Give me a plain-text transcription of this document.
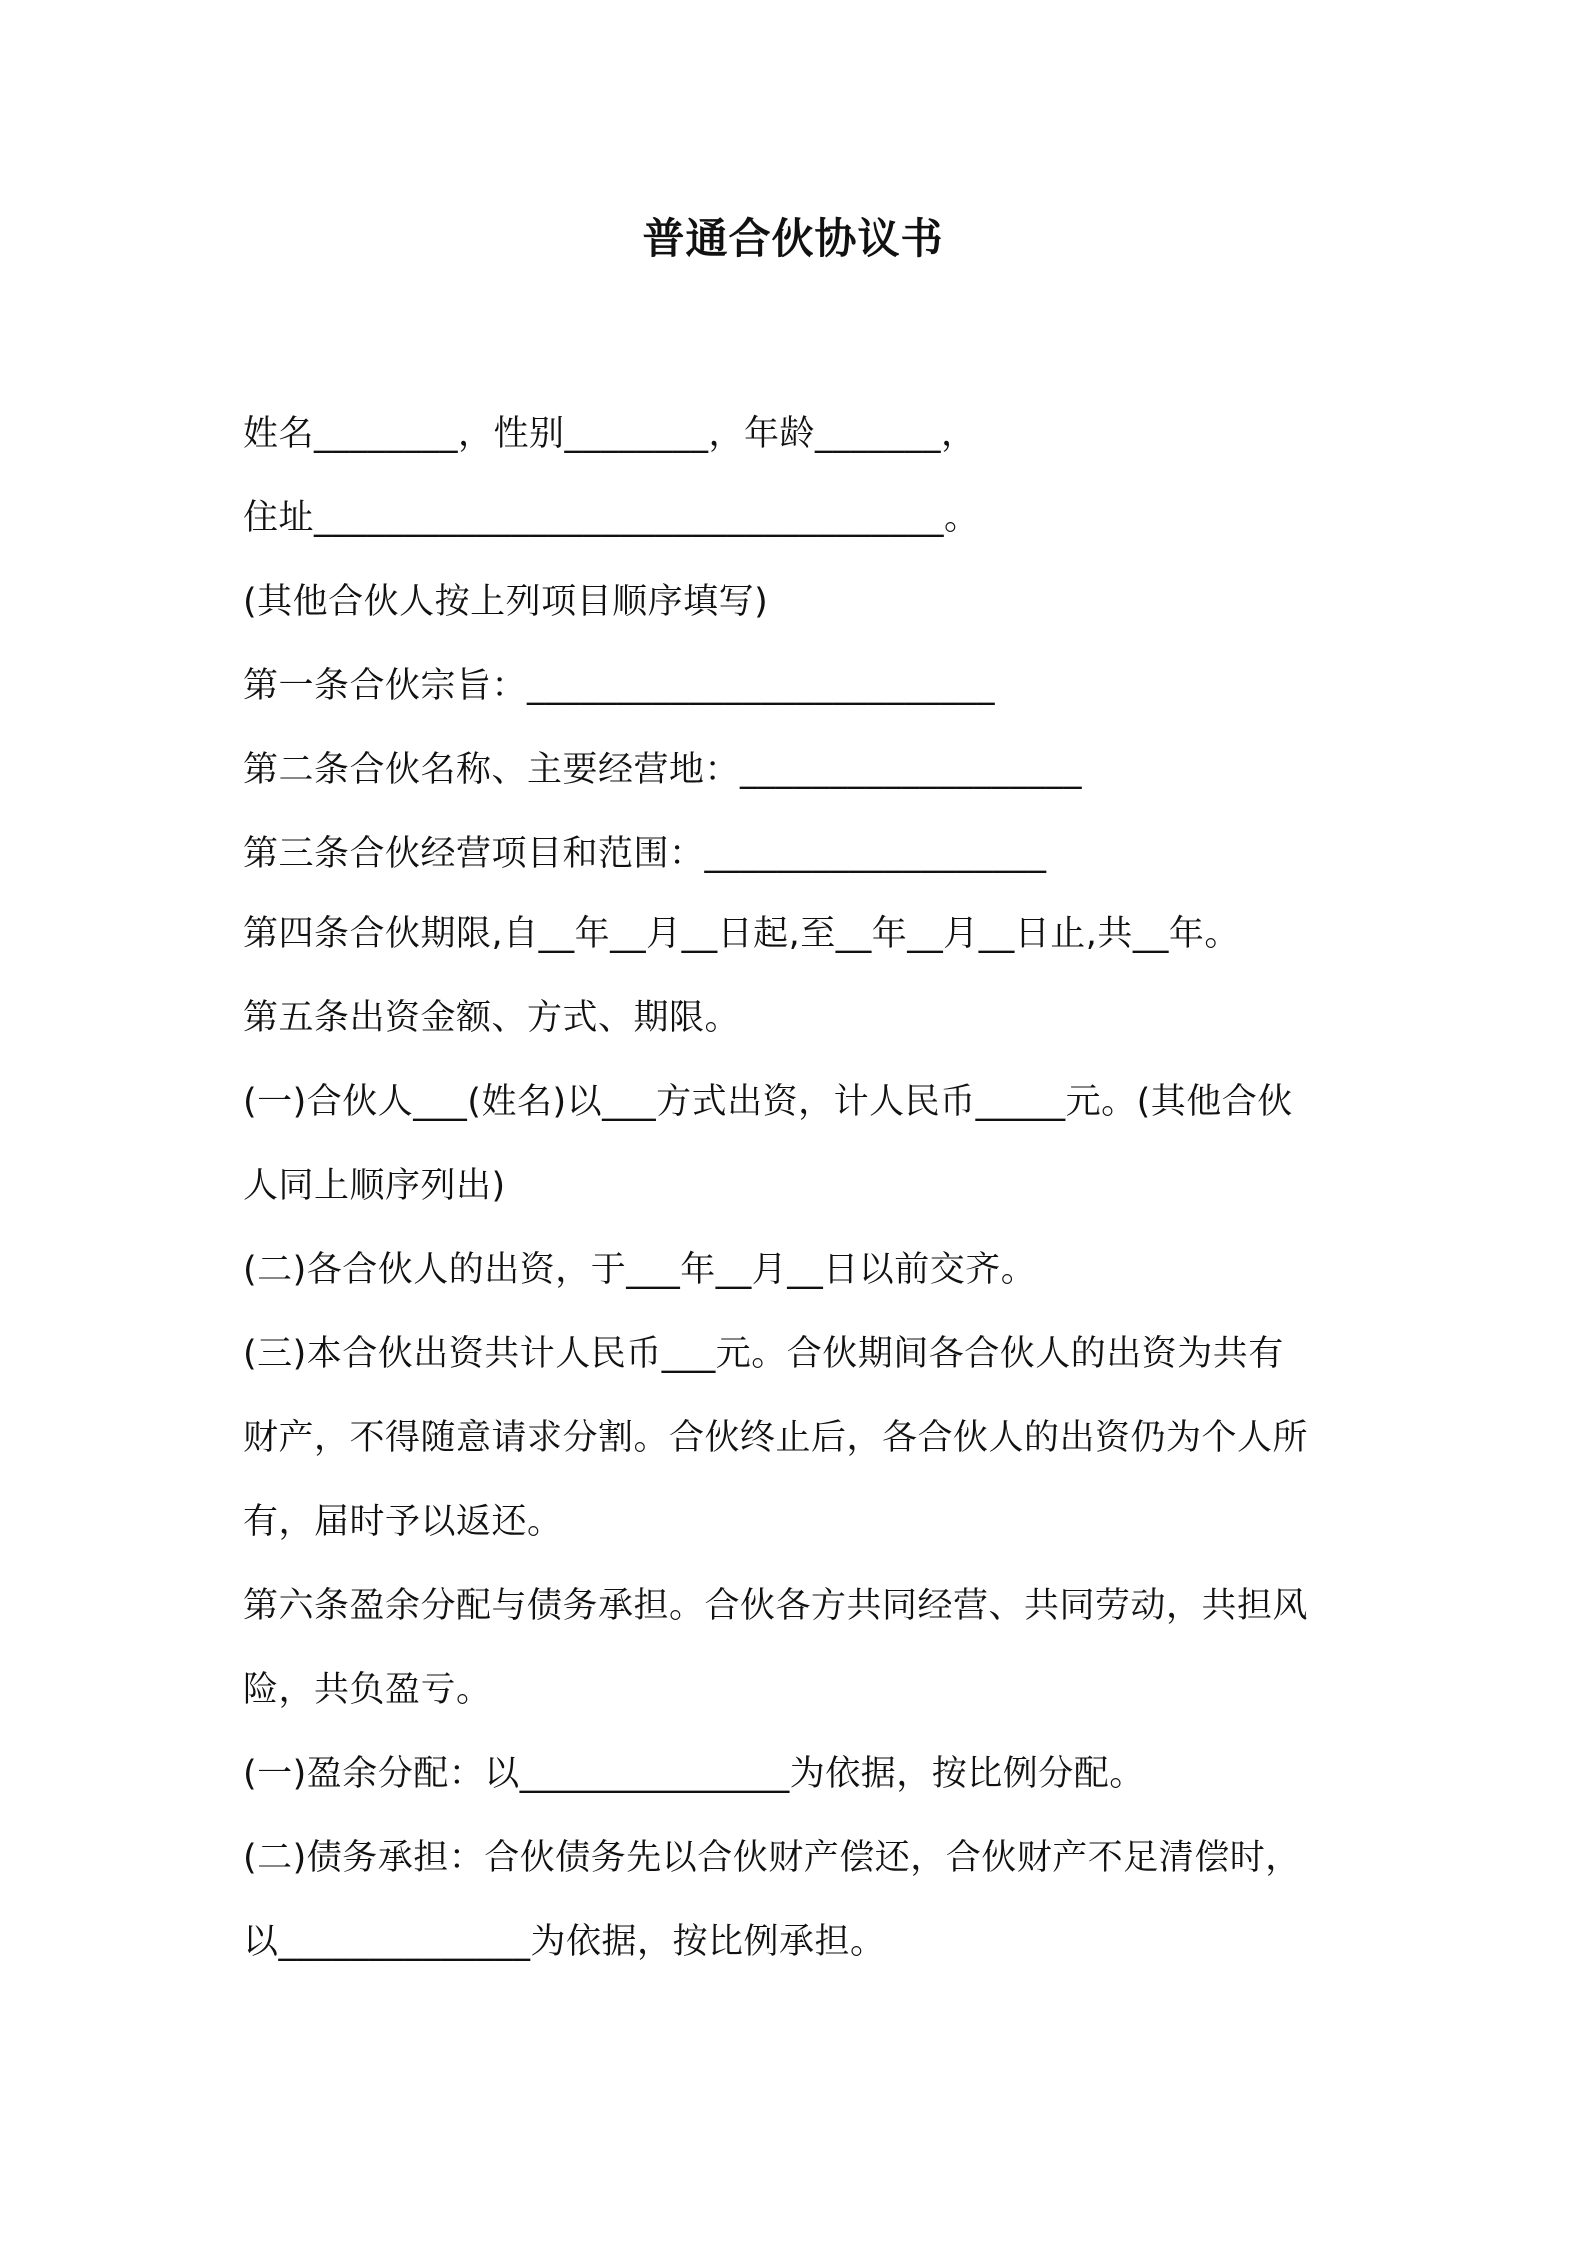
普通合伙协议书
姓名________，性别________，年龄_______，
住址___________________________________。
(其他合伙人按上列项目顺序填写)
第一条合伙宗旨：__________________________
第二条合伙名称、主要经营地：___________________
第三条合伙经营项目和范围：___________________
第四条合伙期限,自__年__月__日起,至__年__月__日止,共__年。
第五条出资金额、方式、期限。
(一)合伙人___(姓名)以___方式出资，计人民币_____元。(其他合伙
人同上顺序列出)
(二)各合伙人的出资，于___年__月__日以前交齐。
(三)本合伙出资共计人民币___元。合伙期间各合伙人的出资为共有
财产，不得随意请求分割。合伙终止后，各合伙人的出资仍为个人所
有，届时予以返还。
第六条盈余分配与债务承担。合伙各方共同经营、共同劳动，共担风
险，共负盈亏。
(一)盈余分配：以_______________为依据，按比例分配。
(二)债务承担：合伙债务先以合伙财产偿还，合伙财产不足清偿时，
以______________为依据，按比例承担。
